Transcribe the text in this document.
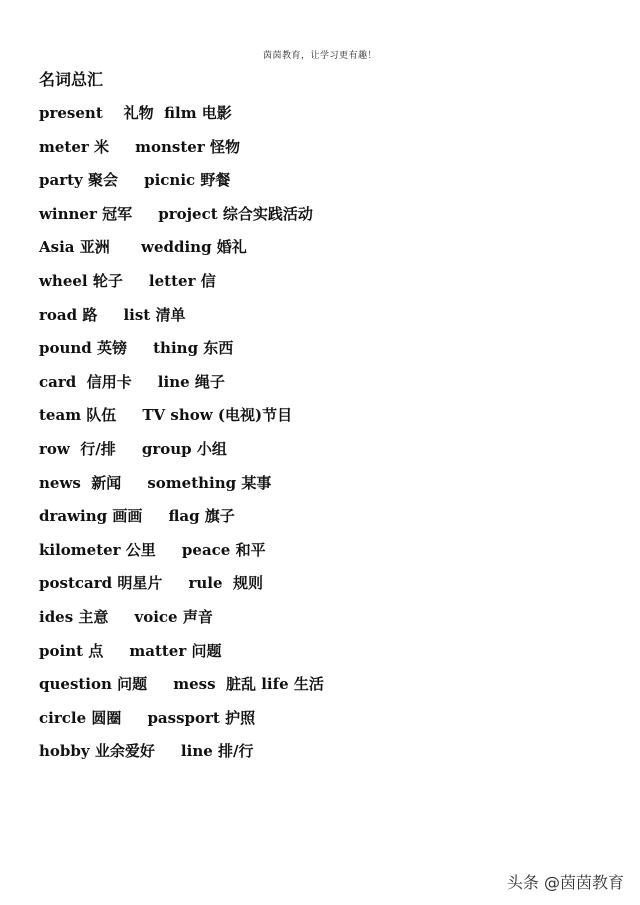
茵茵教育，让学习更有趣！
名词总汇
present    礼物  film 电影
meter 米     monster 怪物
party 聚会     picnic 野餐
winner 冠军     project 综合实践活动
Asia 亚洲      wedding 婚礼
wheel 轮子     letter 信
road 路     list 清单
pound 英镑     thing 东西
card  信用卡     line 绳子
team 队伍     TV show (电视)节目
row  行/排     group 小组
news  新闻     something 某事
drawing 画画     flag 旗子
kilometer 公里     peace 和平
postcard 明星片     rule  规则
ides 主意     voice 声音
point 点     matter 问题
question 问题     mess  脏乱 life 生活
circle 圆圈     passport 护照
hobby 业余爱好     line 排/行
头条 @茵茵教育
